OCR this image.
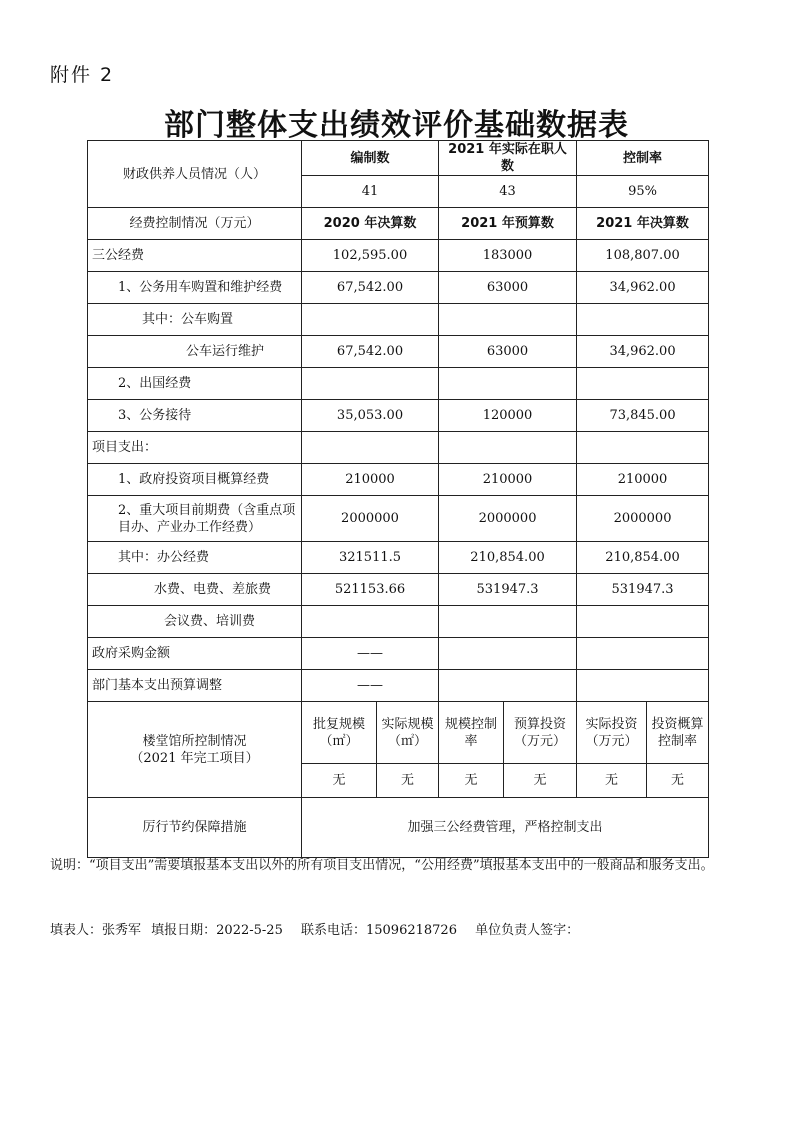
附件 2
部门整体支出绩效评价基础数据表
财政供养人员情况（人）	编制数		2021 年实际在职人数		控制率	
	41		43		95%	
经费控制情况（万元）	2020 年决算数		2021 年预算数		2021 年决算数	
三公经费	102,595.00		183000		108,807.00	
1、公务用车购置和维护经费	67,542.00		63000		34,962.00	
其中：公车购置						
公车运行维护	67,542.00		63000		34,962.00	
2、出国经费						
3、公务接待	35,053.00		120000		73,845.00	
项目支出：						
1、政府投资项目概算经费	210000		210000		210000	
2、重大项目前期费（含重点项目办、产业办工作经费）	2000000		2000000		2000000	
其中：办公经费	321511.5		210,854.00		210,854.00	
水费、电费、差旅费	521153.66		531947.3		531947.3	
会议费、培训费						
政府采购金额	——					
部门基本支出预算调整	——					

楼堂馆所控制情况
（2021 年完工项目）	批复规模（㎡）	实际规模（㎡）	规模控制率	预算投资（万元）	实际投资（万元）	投资概算控制率
	无	无	无	无	无	无
厉行节约保障措施	加强三公经费管理，严格控制支出					
说明：“项目支出”需要填报基本支出以外的所有项目支出情况，“公用经费”填报基本支出中的一般商品和服务支出。
填表人：张秀军 填报日期：2022-5-25 联系电话：15096218726 单位负责人签字：
